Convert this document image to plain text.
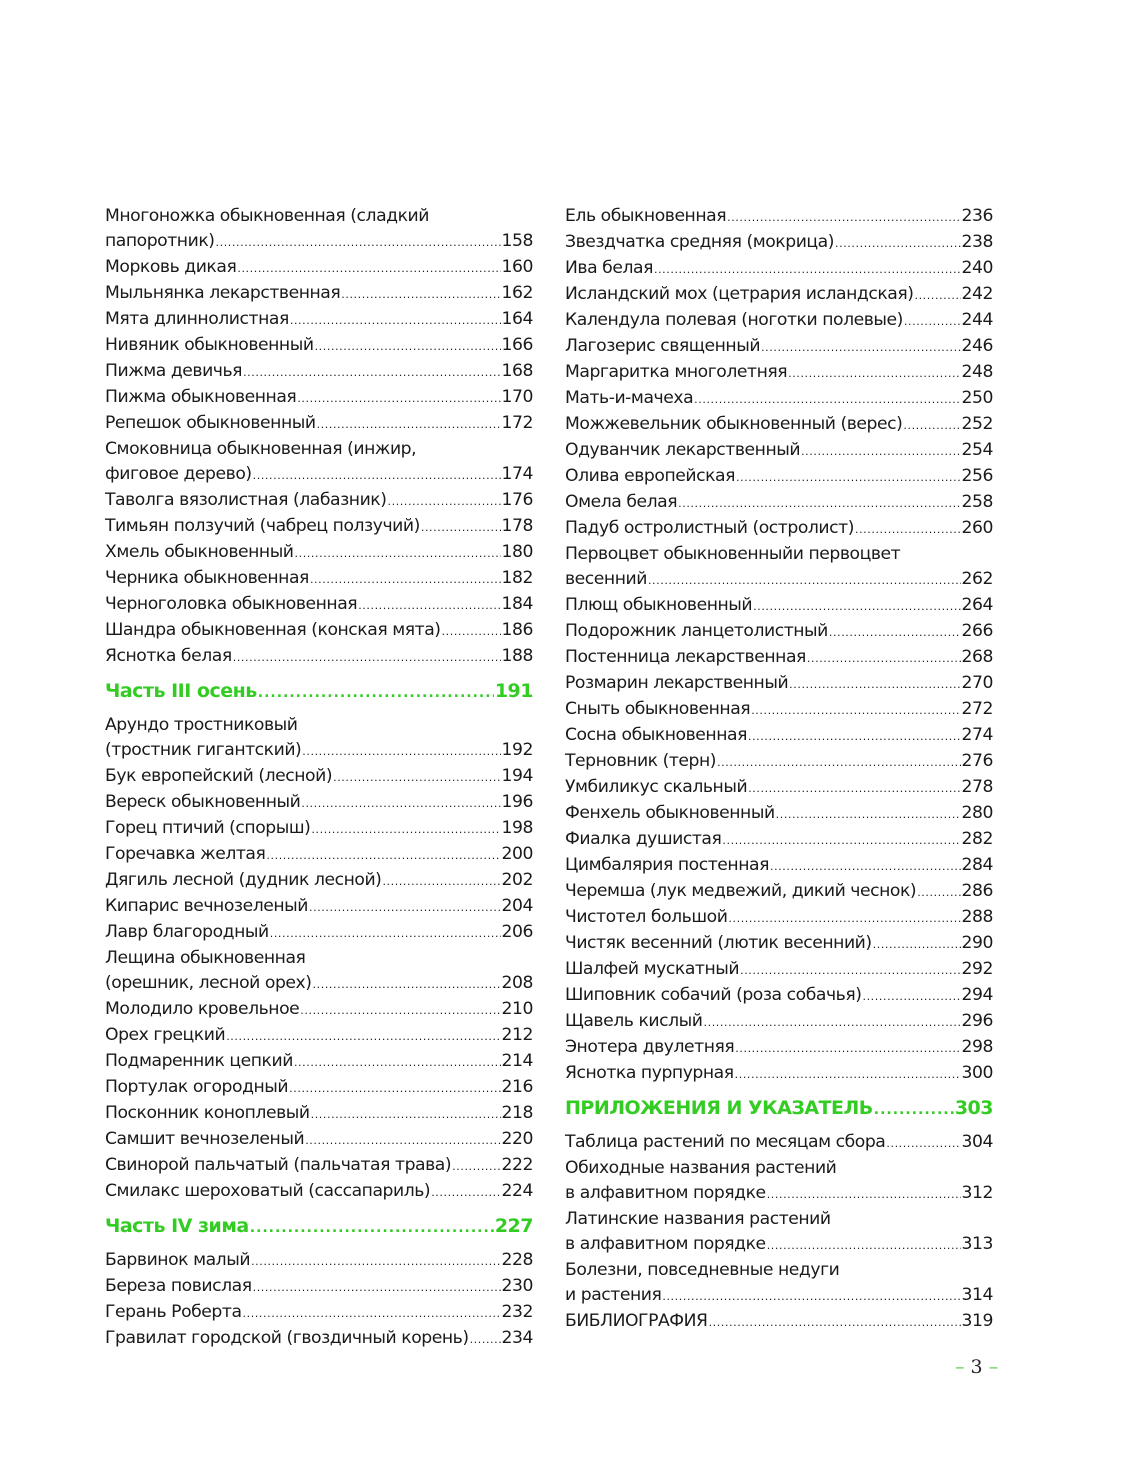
Многоножка обыкновенная (сладкий
папоротник) .....	158
Морковь дикая .....	160
Мыльнянка лекарственная .....	162
Мята длиннолистная .....	164
Нивяник обыкновенный .....	166
Пижма девичья .....	168
Пижма обыкновенная .....	170
Репешок обыкновенный .....	172
Смоковница обыкновенная (инжир,
фиговое дерево) .....	174
Таволга вязолистная (лабазник) .....	176
Тимьян ползучий (чабрец ползучий) .....	178
Хмель обыкновенный .....	180
Черника обыкновенная .....	182
Черноголовка обыкновенная .....	184
Шандра обыкновенная (конская мята) .....	186
Яснотка белая .....	188
Часть III осень .....	191
Арундо тростниковый
(тростник гигантский) .....	192
Бук европейский (лесной) .....	194
Вереск обыкновенный .....	196
Горец птичий (спорыш) .....	198
Горечавка желтая .....	200
Дягиль лесной (дудник лесной) .....	202
Кипарис вечнозеленый .....	204
Лавр благородный .....	206
Лещина обыкновенная
(орешник, лесной орех) .....	208
Молодило кровельное .....	210
Орех грецкий .....	212
Подмаренник цепкий .....	214
Портулак огородный .....	216
Посконник коноплевый .....	218
Самшит вечнозеленый .....	220
Свинорой пальчатый (пальчатая трава) .....	222
Смилакс шероховатый (сассапариль) .....	224
Часть IV зима .....	227
Барвинок малый .....	228
Береза повислая .....	230
Герань Роберта .....	232
Гравилат городской (гвоздичный корень) ..... 234
Ель обыкновенная .....	236
Звездчатка средняя (мокрица) .....	238
Ива белая .....	240
Исландский мох (цетрария исландская) .....	242
Календула полевая (ноготки полевые) .....	244
Лагозерис священный .....	246
Маргаритка многолетняя .....	248
Мать-и-мачеха .....	250
Можжевельник обыкновенный (верес) .....	252
Одуванчик лекарственный .....	254
Олива европейская .....	256
Омела белая .....	258
Падуб остролистный (остролист) .....	260
Первоцвет обыкновенныйи первоцвет
весенний .....	262
Плющ обыкновенный .....	264
Подорожник ланцетолистный .....	266
Постенница лекарственная .....	268
Розмарин лекарственный .....	270
Сныть обыкновенная .....	272
Сосна обыкновенная .....	274
Терновник (терн) .....	276
Умбиликус скальный .....	278
Фенхель обыкновенный .....	280
Фиалка душистая .....	282
Цимбалярия постенная .....	284
Черемша (лук медвежий, дикий чеснок) .....	286
Чистотел большой .....	288
Чистяк весенний (лютик весенний) .....	290
Шалфей мускатный .....	292
Шиповник собачий (роза собачья) .....	294
Щавель кислый .....	296
Энотера двулетняя .....	298
Яснотка пурпурная .....	300
ПРИЛОЖЕНИЯ И УКАЗАТЕЛЬ .....	303
Таблица растений по месяцам сбора .....	304
Обиходные названия растений
в алфавитном порядке .....	312
Латинские названия растений
в алфавитном порядке .....	313
Болезни, повседневные недуги
и растения .....	314
БИБЛИОГРАФИЯ .....	319
– 3 –
